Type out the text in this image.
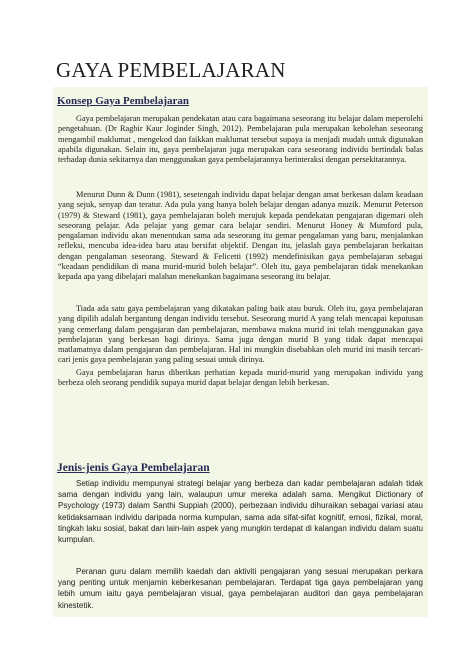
GAYA PEMBELAJARAN
Konsep Gaya Pembelajaran

Gaya pembelajaran merupakan pendekatan atau cara bagaimana seseorang itu belajar dalam meperolehi pengetahuan. (Dr Ragbir Kaur Joginder Singh, 2012). Pembelajaran pula merupakan kebolehan seseorang mengambil maklumat , mengekod dan faikkan maklumat tersebut supaya ia menjadi mudah untuk digunakan apabila digunakan. Selain itu, gaya pembelajaran juga merupakan cara seseorang individu bertindak balas terhadap dunia sekitarnya dan menggunakan gaya pembelajarannya berinteraksi dengan persekitarannya.

Menurut Dunn & Dunn (1981), sesetengah individu dapat belajar dengan amat berkesan dalam keadaan yang sejuk, senyap dan teratur. Ada pula yang hanya boleh belajar dengan adanya muzik. Menurut Peterson (1979) & Steward (1981), gaya pembelajaran boleh merujuk kepada pendekatan pengajaran digemari oleh seseorang pelajar. Ada pelajar yang gemar cara belajar sendiri. Menurut Honey & Mumford pula, pengalaman individu akan menentukan sama ada seseorang itu gemar pengalaman yang baru, menjalankan refleksi, mencuba idea-idea baru atau bersifat objektif. Dengan itu, jelaslah gaya pembelajaran berkaitan dengan pengalaman seseorang. Steward & Felicetti (1992) mendefinisikan gaya pembelajaran sebagai “keadaan pendidikan di mana murid-murid boleh belajar”. Oleh itu, gaya pembelajaran tidak menekankan kepada apa yang dibelajari malahan menekankan bagaimana seseorang itu belajar.

Tiada ada satu gaya pembelajaran yang dikatakan paling baik atau buruk. Oleh itu, gaya pembelajaran yang dipilih adalah bergantung dengan individu tersebut. Seseorang murid A yang telah mencapai keputusan yang cemerlang dalam pengajaran dan pembelajaran, membawa makna murid ini telah menggunakan gaya pembelajaran yang berkesan bagi dirinya. Sama juga dengan murid B yang tidak dapat mencapai matlamatnya dalam pengajaran dan pembelajaran. Hal ini mungkin disebabkan oleh murid ini masih tercari-cari jenis gaya pembelajaran yang paling sesuai untuk dirinya.

Gaya pembelajaran harus diberikan perhatian kepada murid-murid yang merupakan individu yang berbeza oleh seorang pendidik supaya murid dapat belajar dengan lebih berkesan.

Jenis-jenis Gaya Pembelajaran

Setiap individu mempunyai strategi belajar yang berbeza dan kadar pembelajaran adalah tidak sama dengan individu yang lain, walaupun umur mereka adalah sama. Mengikut Dictionary of Psychology (1973) dalam Santhi Suppiah (2000), perbezaan individu dihuraikan sebagai variasi atau ketidaksamaan individu daripada norma kumpulan, sama ada sifat-sifat kognitif, emosi, fizikal, moral, tingkah laku sosial, bakat dan lain-lain aspek yang mungkin terdapat di kalangan individu dalam suatu kumpulan.

Peranan guru dalam memilih kaedah dan aktiviti pengajaran yang sesuai merupakan perkara yang penting untuk menjamin keberkesanan pembelajaran. Terdapat tiga gaya pembelajaran yang lebih umum iaitu gaya pembelajaran visual, gaya pembelajaran auditori dan gaya pembelajaran kinestetik.
